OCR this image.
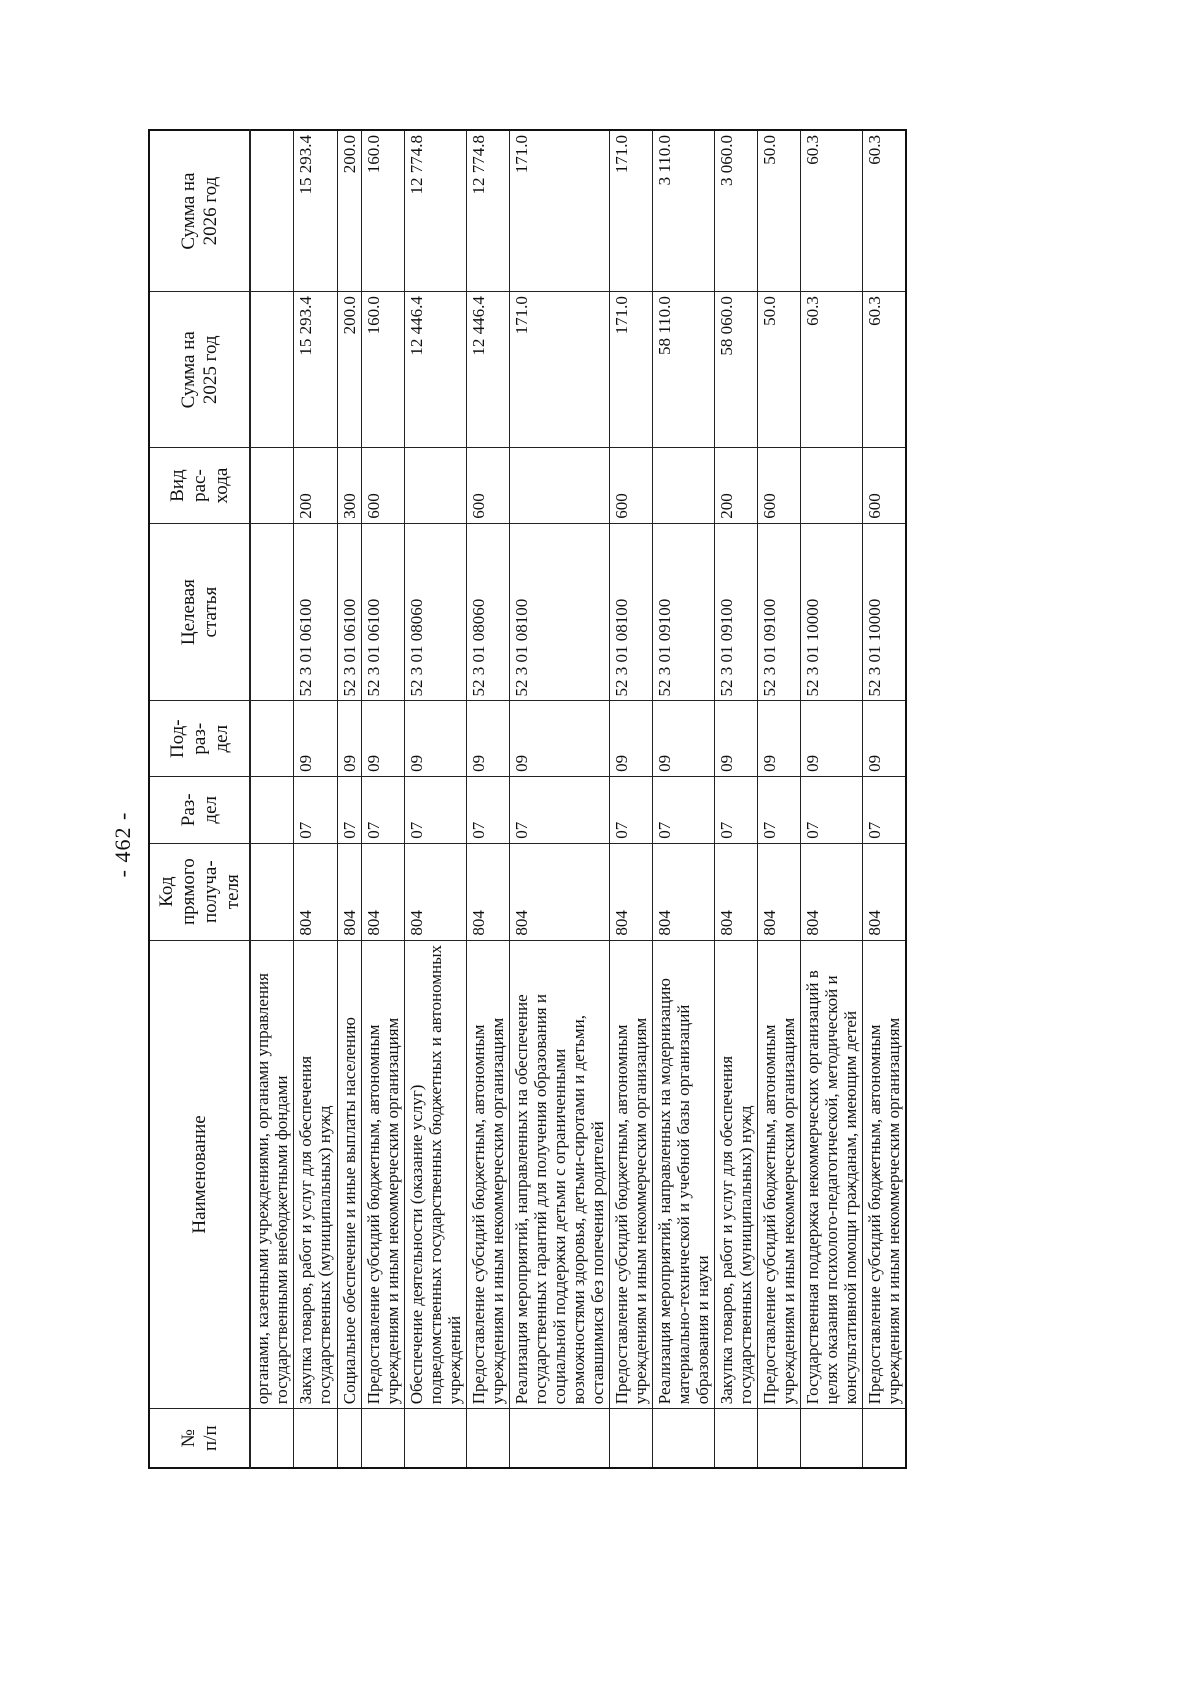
- 462 -
№
п/п	Наименование	Код
прямого
получа-
теля	Раз-
дел	Под-
раз-
дел	Целевая
статья	Вид
рас-
хода	Сумма на
2025 год	Сумма на
2026 год
	органами, казенными учреждениями, органами управления государственными внебюджетными фондами							
	Закупка товаров, работ и услуг для обеспечения государственных (муниципальных) нужд	804	07	09	52 3 01 06100	200	15 293.4	15 293.4
	Социальное обеспечение и иные выплаты населению	804	07	09	52 3 01 06100	300	200.0	200.0
	Предоставление субсидий бюджетным, автономным учреждениям и иным некоммерческим организациям	804	07	09	52 3 01 06100	600	160.0	160.0
	Обеспечение деятельности (оказание услуг) подведомственных государственных бюджетных и автономных учреждений	804	07	09	52 3 01 08060		12 446.4	12 774.8
	Предоставление субсидий бюджетным, автономным учреждениям и иным некоммерческим организациям	804	07	09	52 3 01 08060	600	12 446.4	12 774.8
	Реализация мероприятий, направленных на обеспечение государственных гарантий для получения образования и социальной поддержки детьми с ограниченными возможностями здоровья, детьми-сиротами и детьми, оставшимися без попечения родителей	804	07	09	52 3 01 08100		171.0	171.0
	Предоставление субсидий бюджетным, автономным учреждениям и иным некоммерческим организациям	804	07	09	52 3 01 08100	600	171.0	171.0
	Реализация мероприятий, направленных на модернизацию материально-технической и учебной базы организаций образования и науки	804	07	09	52 3 01 09100		58 110.0	3 110.0
	Закупка товаров, работ и услуг для обеспечения государственных (муниципальных) нужд	804	07	09	52 3 01 09100	200	58 060.0	3 060.0
	Предоставление субсидий бюджетным, автономным учреждениям и иным некоммерческим организациям	804	07	09	52 3 01 09100	600	50.0	50.0
	Государственная поддержка некоммерческих организаций в целях оказания психолого-педагогической, методической и консультативной помощи гражданам, имеющим детей	804	07	09	52 3 01 10000		60.3	60.3
	Предоставление субсидий бюджетным, автономным учреждениям и иным некоммерческим организациям	804	07	09	52 3 01 10000	600	60.3	60.3
